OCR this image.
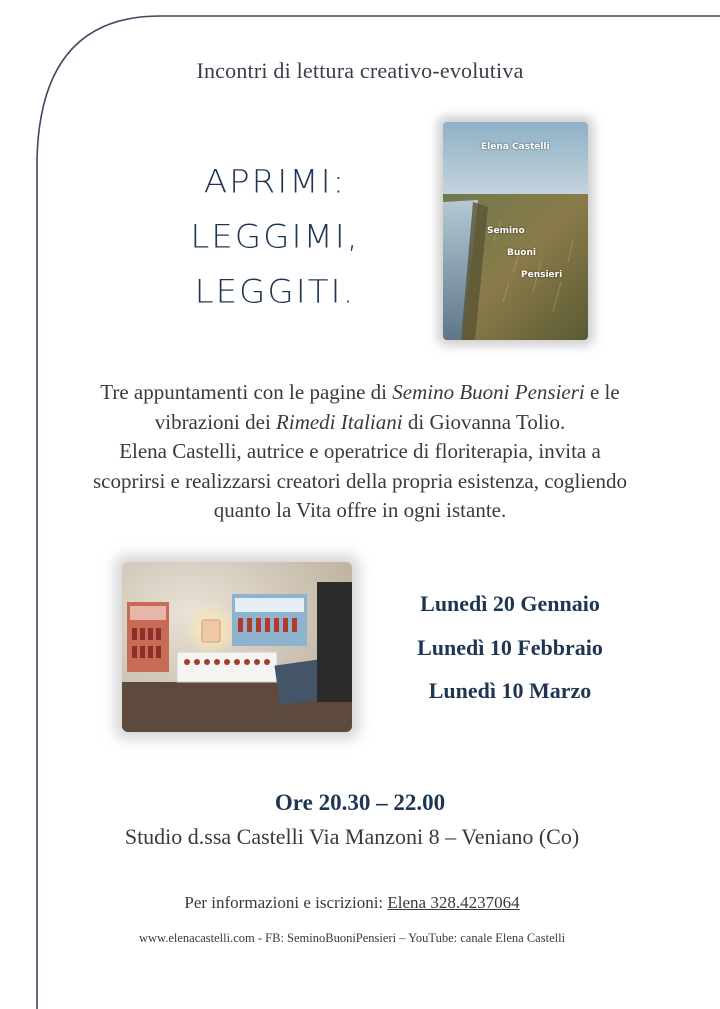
Incontri di lettura creativo-evolutiva
APRIMI:
LEGGIMI,
LEGGITI.
Elena Castelli
Semino
Buoni
Pensieri

Tre appuntamenti con le pagine di Semino Buoni Pensieri e le

vibrazioni dei Rimedi Italiani di Giovanna Tolio.

Elena Castelli, autrice e operatrice di floriterapia, invita a

scoprirsi e realizzarsi creatori della propria esistenza, cogliendo

quanto la Vita offre in ogni istante.

Lunedì 20 Gennaio
Lunedì 10 Febbraio
Lunedì 10 Marzo
Ore 20.30 – 22.00
Studio d.ssa Castelli Via Manzoni 8 – Veniano (Co)
Per informazioni e iscrizioni: Elena 328.4237064
www.elenacastelli.com - FB: SeminoBuoniPensieri – YouTube: canale Elena Castelli
